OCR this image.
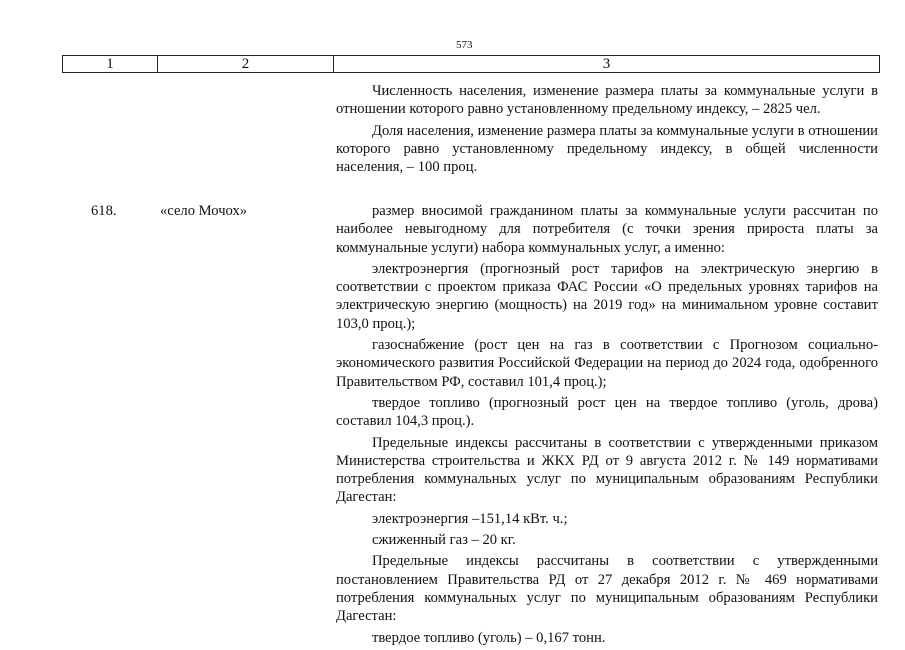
573
1	2	3

Численность населения, изменение размера платы за коммунальные услуги в отношении которого равно установленному предельному индексу, – 2825 чел.

Доля населения, изменение размера платы за коммунальные услуги в отношении которого равно установленному предельному индексу, в общей численности населения, – 100 проц.

618.	«село Мочох»	размер вносимой гражданином платы за коммунальные услуги рассчитан по наиболее невыгодному для потребителя (с точки зрения прироста платы за коммунальные услуги) набора коммунальных услуг, а именно:

электроэнергия (прогнозный рост тарифов на электрическую энергию в соответствии с проектом приказа ФАС России «О предельных уровнях тарифов на электрическую энергию (мощность) на 2019 год» на минимальном уровне составит 103,0 проц.);

газоснабжение (рост цен на газ в соответствии с Прогнозом социально-экономического развития Российской Федерации на период до 2024 года, одобренного Правительством РФ, составил 101,4 проц.);

твердое топливо (прогнозный рост цен на твердое топливо (уголь, дрова) составил 104,3 проц.).

Предельные индексы рассчитаны в соответствии с утвержденными приказом Министерства строительства и ЖКХ РД от 9 августа 2012 г. № 149 нормативами потребления коммунальных услуг по муниципальным образованиям Республики Дагестан:

электроэнергия –151,14 кВт. ч.;

сжиженный газ – 20 кг.

Предельные индексы рассчитаны в соответствии с утвержденными постановлением Правительства РД от 27 декабря 2012 г. № 469 нормативами потребления коммунальных услуг по муниципальным образованиям Республики Дагестан:

твердое топливо (уголь) – 0,167 тонн.
